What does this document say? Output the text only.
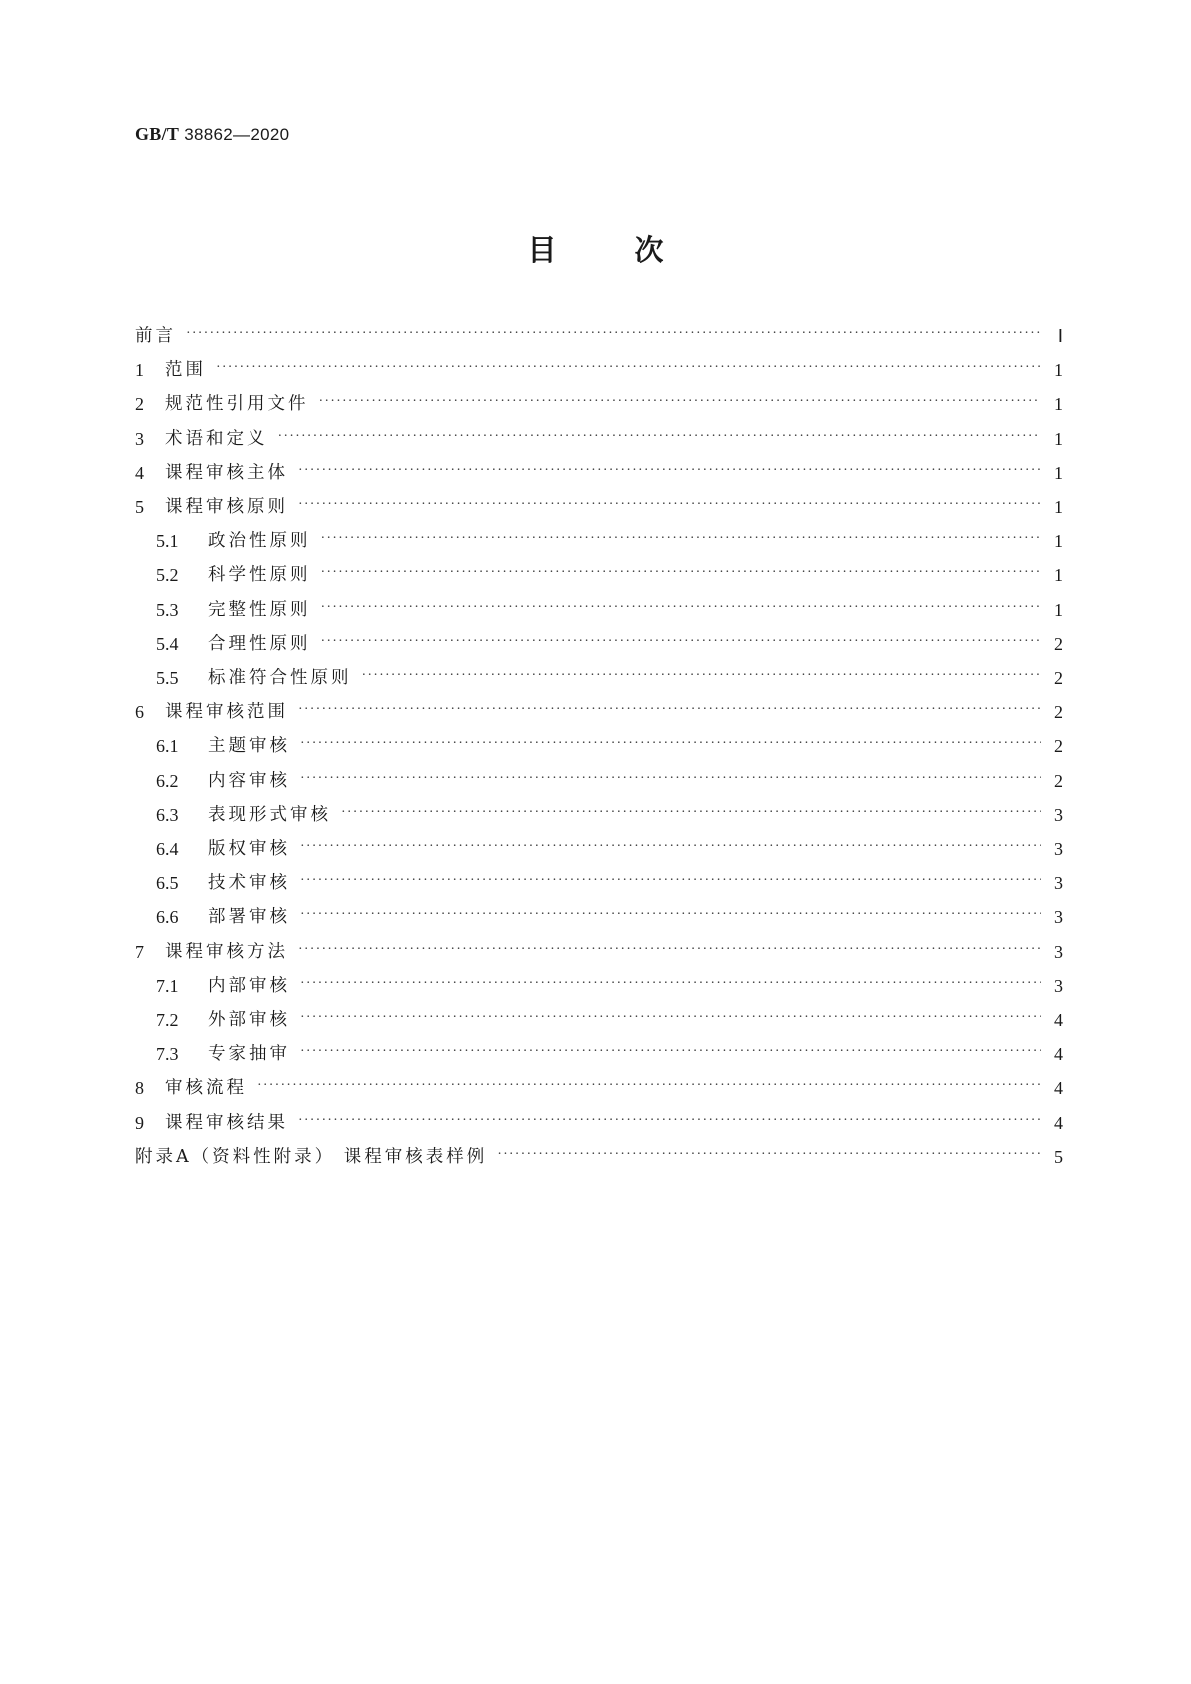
GB/T 38862—2020
目	次
前言 ·····	Ⅰ
1	范围 ·····	1
2	规范性引用文件 ·····	1
3	术语和定义 ·····	1
4	课程审核主体 ·····	1
5	课程审核原则 ·····	1
5.1	政治性原则 ·····	1
5.2	科学性原则 ·····	1
5.3	完整性原则 ·····	1
5.4	合理性原则 ·····	2
5.5	标准符合性原则 ·····	2
6	课程审核范围 ·····	2
6.1	主题审核 ·····	2
6.2	内容审核 ·····	2
6.3	表现形式审核 ·····	3
6.4	版权审核 ·····	3
6.5	技术审核 ·····	3
6.6	部署审核 ·····	3
7	课程审核方法 ·····	3
7.1	内部审核 ·····	3
7.2	外部审核 ·····	4
7.3	专家抽审 ·····	4
8	审核流程 ·····	4
9	课程审核结果 ·····	4
附录A（资料性附录） 课程审核表样例 ·····	5
